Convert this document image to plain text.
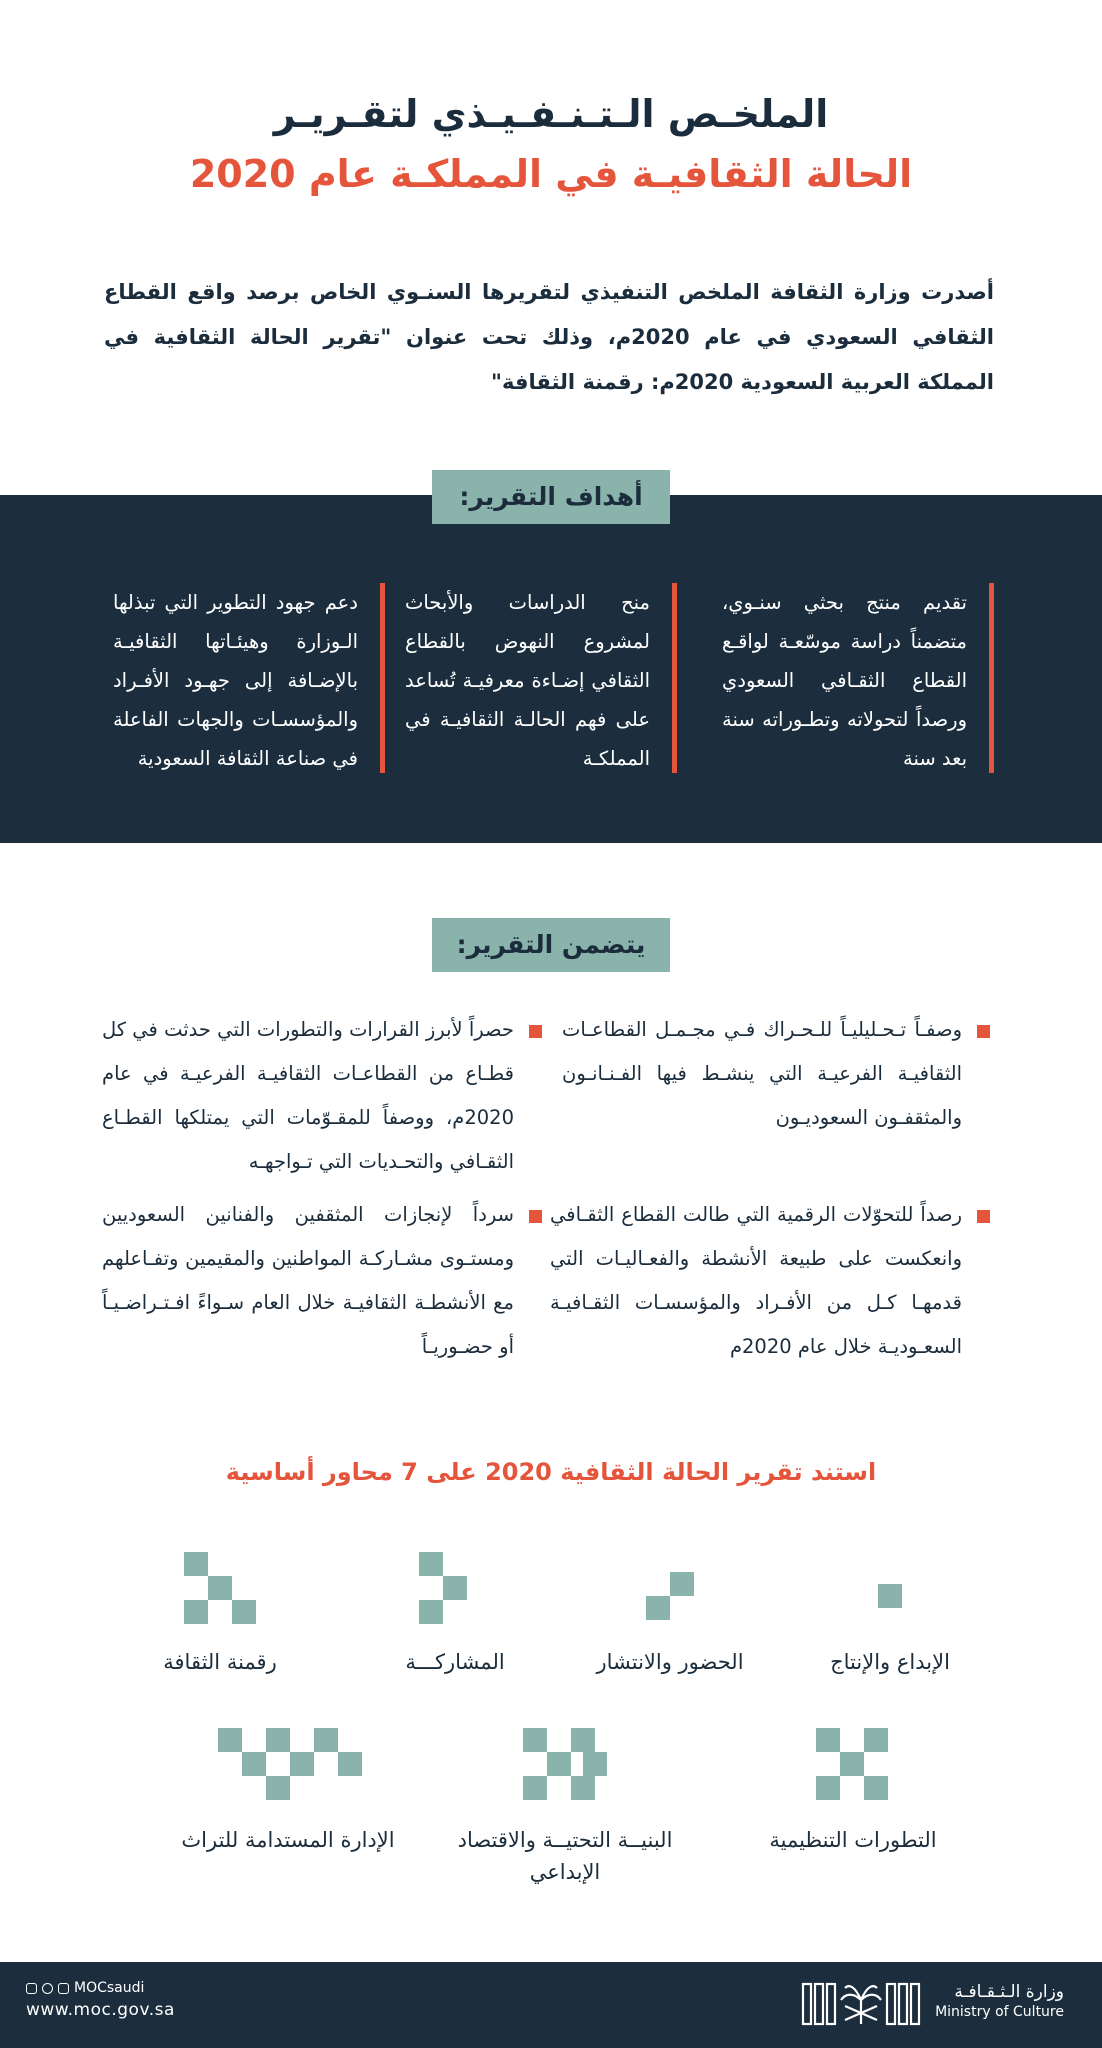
الملخـص الـتـنـفـيـذي لتقـريـر
الحالة الثقافيـة في المملكـة عام 2020
أصدرت وزارة الثقافة الملخص التنفيذي لتقريرها السنـوي الخاص برصد واقع القطاع الثقافي السعودي في عام 2020م، وذلك تحت عنوان "تقرير الحالة الثقافية في المملكة العربية السعودية 2020م: رقمنة الثقافة"
أهداف التقرير:
تقديم منتج بحثي سنـوي، متضمناً دراسة موسّعـة لواقـع القطاع الثقـافي السعودي ورصداً لتحولاته وتطـوراته سنة بعد سنة
منح الدراسات والأبحاث لمشروع النهوض بالقطاع الثقافي إضـاءة معرفيـة تُساعد على فهم الحالـة الثقافيـة في المملكـة
دعم جهود التطوير التي تبذلها الـوزارة وهيئـاتها الثقافيـة بالإضـافة إلى جهـود الأفـراد والمؤسسـات والجهات الفاعلة في صناعة الثقافة السعودية
يتضمن التقرير:
وصفـاً تـحـليليـاً للـحـراك فـي مجـمـل القطاعـات الثقافيـة الفرعيـة التي ينشـط فيها الفـنـانـون والمثقفـون السعوديـون
حصراً لأبرز القرارات والتطورات التي حدثت في كل قطـاع من القطاعـات الثقافيـة الفرعيـة في عام 2020م، ووصفاً للمقـوّمات التي يمتلكها القطـاع الثقـافي والتحـديات التي تـواجهـه
رصداً للتحوّلات الرقمية التي طالت القطاع الثقـافي وانعكست على طبيعة الأنشطة والفعـاليـات التي قدمهـا كـل من الأفـراد والمؤسسـات الثقـافيـة السعـوديـة خلال عام 2020م
سرداً لإنجازات المثقفين والفنانين السعوديين ومستـوى مشـاركـة المواطنين والمقيمين وتفـاعلهم مع الأنشطـة الثقافيـة خلال العام سـواءً افـتـراضـيـاً أو حضـوريـاً
استند تقرير الحالة الثقافية 2020 على 7 محاور أساسية
الإبداع والإنتاج
الحضور والانتشار
المشاركـــة
رقمنة الثقافة
التطورات التنظيمية
البنيــة التحتيــة والاقتصاد الإبداعي
الإدارة المستدامة للتراث
MOCsaudi
www.moc.gov.sa
وزارة الـثـقـافـة
Ministry of Culture
